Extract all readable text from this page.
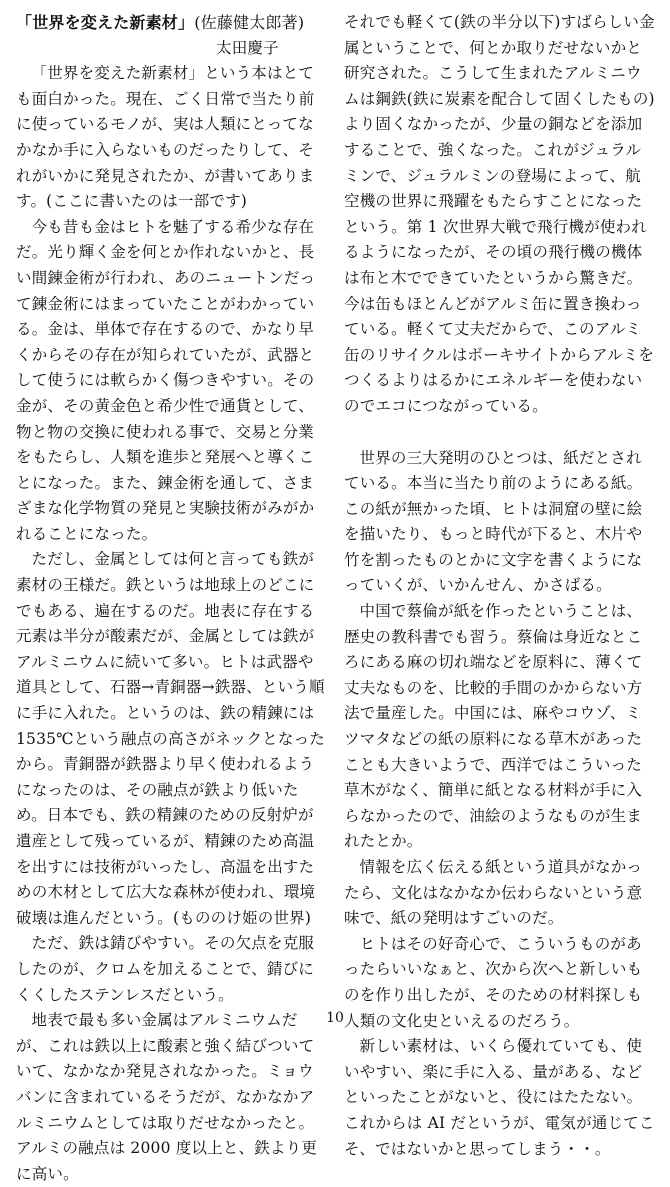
「世界を変えた新素材」(佐藤健太郎著)
太田慶子

「世界を変えた新素材」という本はとても面白かった。現在、ごく日常で当たり前に使っているモノが、実は人類にとってなかなか手に入らないものだったりして、それがいかに発見されたか、が書いてあります。(ここに書いたのは一部です)

今も昔も金はヒトを魅了する希少な存在だ。光り輝く金を何とか作れないかと、長い間錬金術が行われ、あのニュートンだって錬金術にはまっていたことがわかっている。金は、単体で存在するので、かなり早くからその存在が知られていたが、武器として使うには軟らかく傷つきやすい。その金が、その黄金色と希少性で通貨として、物と物の交換に使われる事で、交易と分業をもたらし、人類を進歩と発展へと導くことになった。また、錬金術を通して、さまざまな化学物質の発見と実験技術がみがかれることになった。

ただし、金属としては何と言っても鉄が素材の王様だ。鉄というは地球上のどこにでもある、遍在するのだ。地表に存在する元素は半分が酸素だが、金属としては鉄がアルミニウムに続いて多い。ヒトは武器や道具として、石器→青銅器→鉄器、という順に手に入れた。というのは、鉄の精錬には 1535℃という融点の高さがネックとなったから。青銅器が鉄器より早く使われるようになったのは、その融点が鉄より低いため。日本でも、鉄の精錬のための反射炉が遺産として残っているが、精錬のため高温を出すには技術がいったし、高温を出すための木材として広大な森林が使われ、環境破壊は進んだという。(もののけ姫の世界)

ただ、鉄は錆びやすい。その欠点を克服したのが、クロムを加えることで、錆びにくくしたステンレスだという。

地表で最も多い金属はアルミニウムだが、これは鉄以上に酸素と強く結びついていて、なかなか発見されなかった。ミョウバンに含まれているそうだが、なかなかアルミニウムとしては取りだせなかったと。アルミの融点は 2000 度以上と、鉄より更に高い。

それでも軽くて(鉄の半分以下)すばらしい金属ということで、何とか取りだせないかと研究された。こうして生まれたアルミニウムは鋼鉄(鉄に炭素を配合して固くしたもの)より固くなかったが、少量の銅などを添加することで、強くなった。これがジュラルミンで、ジュラルミンの登場によって、航空機の世界に飛躍をもたらすことになったという。第 1 次世界大戦で飛行機が使われるようになったが、その頃の飛行機の機体は布と木でできていたというから驚きだ。今は缶もほとんどがアルミ缶に置き換わっている。軽くて丈夫だからで、このアルミ缶のリサイクルはボーキサイトからアルミをつくるよりはるかにエネルギーを使わないのでエコにつながっている。

世界の三大発明のひとつは、紙だとされている。本当に当たり前のようにある紙。この紙が無かった頃、ヒトは洞窟の壁に絵を描いたり、もっと時代が下ると、木片や竹を割ったものとかに文字を書くようになっていくが、いかんせん、かさばる。

中国で蔡倫が紙を作ったということは、歴史の教科書でも習う。蔡倫は身近なところにある麻の切れ端などを原料に、薄くて丈夫なものを、比較的手間のかからない方法で量産した。中国には、麻やコウゾ、ミツマタなどの紙の原料になる草木があったことも大きいようで、西洋ではこういった草木がなく、簡単に紙となる材料が手に入らなかったので、油絵のようなものが生まれたとか。

情報を広く伝える紙という道具がなかったら、文化はなかなか伝わらないという意味で、紙の発明はすごいのだ。

ヒトはその好奇心で、こういうものがあったらいいなぁと、次から次へと新しいものを作り出したが、そのための材料探しも人類の文化史といえるのだろう。

新しい素材は、いくら優れていても、使いやすい、楽に手に入る、量がある、などといったことがないと、役にはたたない。これからは AI だというが、電気が通じてこそ、ではないかと思ってしまう・・。

10
